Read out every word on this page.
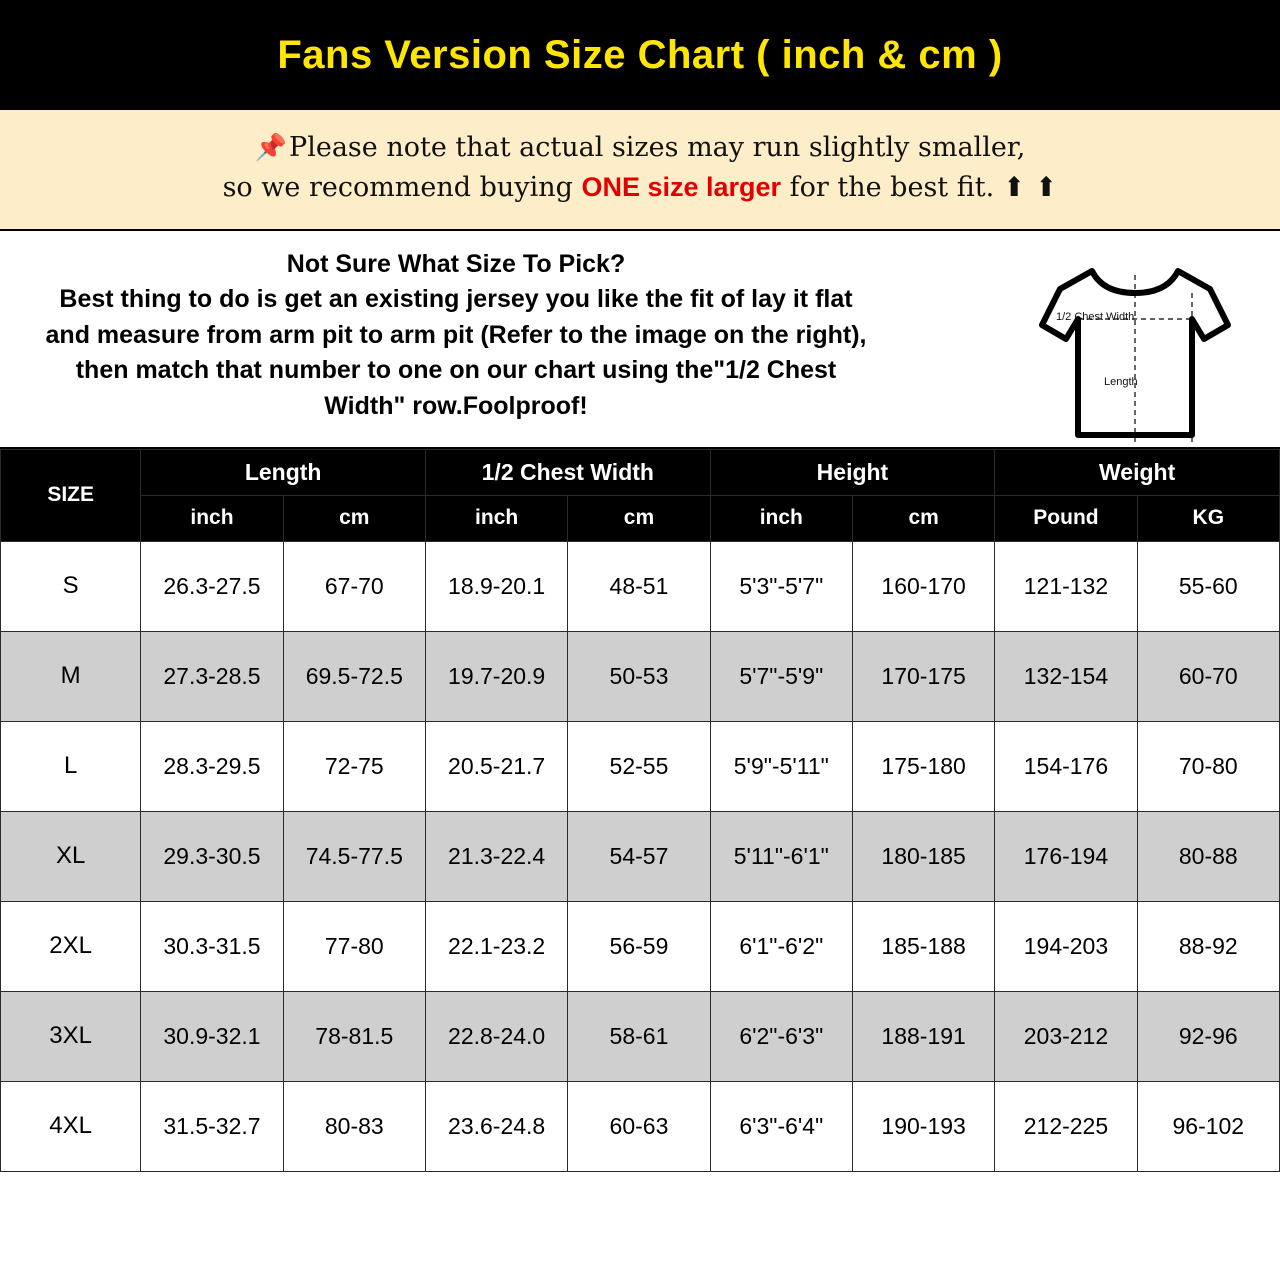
Fans Version Size Chart ( inch & cm )
📌Please note that actual sizes may run slightly smaller,
so we recommend buying ONE size larger for the best fit. ⬆ ⬆
Not Sure What Size To Pick?
Best thing to do is get an existing jersey you like the fit of lay it flat
and measure from arm pit to arm pit (Refer to the image on the right),
then match that number to one on our chart using the"1/2 Chest
Width" row.Foolproof!
1/2 Chest Width
Length
SIZE	Length		1/2 Chest Width		Height		Weight	
	inch	cm	inch	cm	inch	cm	Pound	KG
S	26.3-27.5	67-70	18.9-20.1	48-51	5'3"-5'7"	160-170	121-132	55-60
M	27.3-28.5	69.5-72.5	19.7-20.9	50-53	5'7"-5'9"	170-175	132-154	60-70
L	28.3-29.5	72-75	20.5-21.7	52-55	5'9"-5'11"	175-180	154-176	70-80
XL	29.3-30.5	74.5-77.5	21.3-22.4	54-57	5'11"-6'1"	180-185	176-194	80-88
2XL	30.3-31.5	77-80	22.1-23.2	56-59	6'1"-6'2"	185-188	194-203	88-92
3XL	30.9-32.1	78-81.5	22.8-24.0	58-61	6'2"-6'3"	188-191	203-212	92-96
4XL	31.5-32.7	80-83	23.6-24.8	60-63	6'3"-6'4"	190-193	212-225	96-102
